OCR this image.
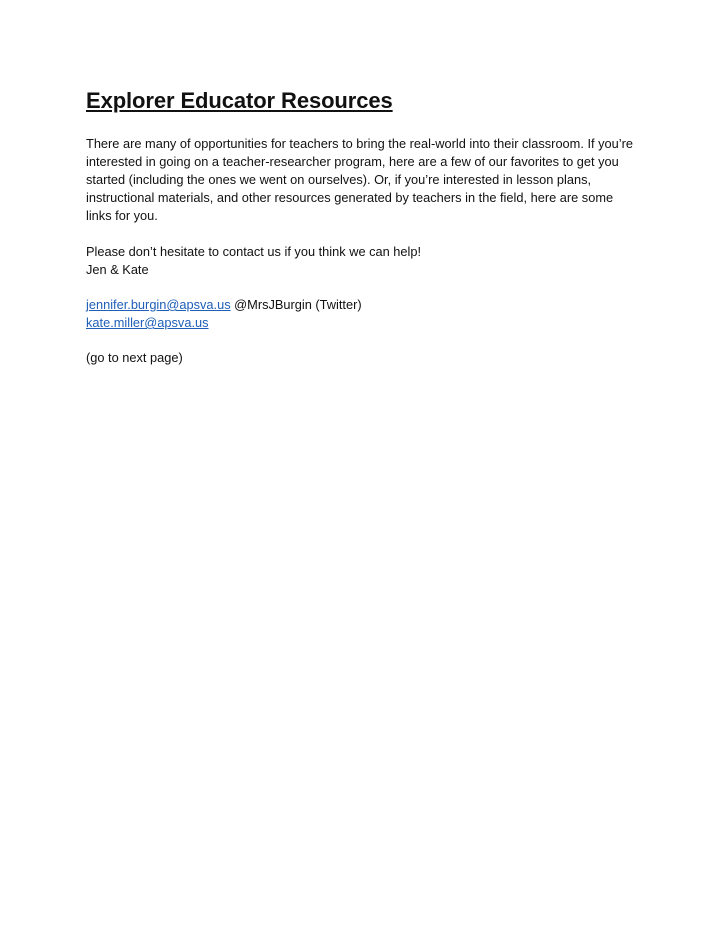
Explorer Educator Resources

There are many of opportunities for teachers to bring the real-world into their classroom. If you’re interested in going on a teacher-researcher program, here are a few of our favorites to get you started (including the ones we went on ourselves). Or, if you’re interested in lesson plans, instructional materials, and other resources generated by teachers in the field, here are some links for you.

Please don’t hesitate to contact us if you think we can help!
Jen & Kate

jennifer.burgin@apsva.us @MrsJBurgin (Twitter)
kate.miller@apsva.us

(go to next page)
